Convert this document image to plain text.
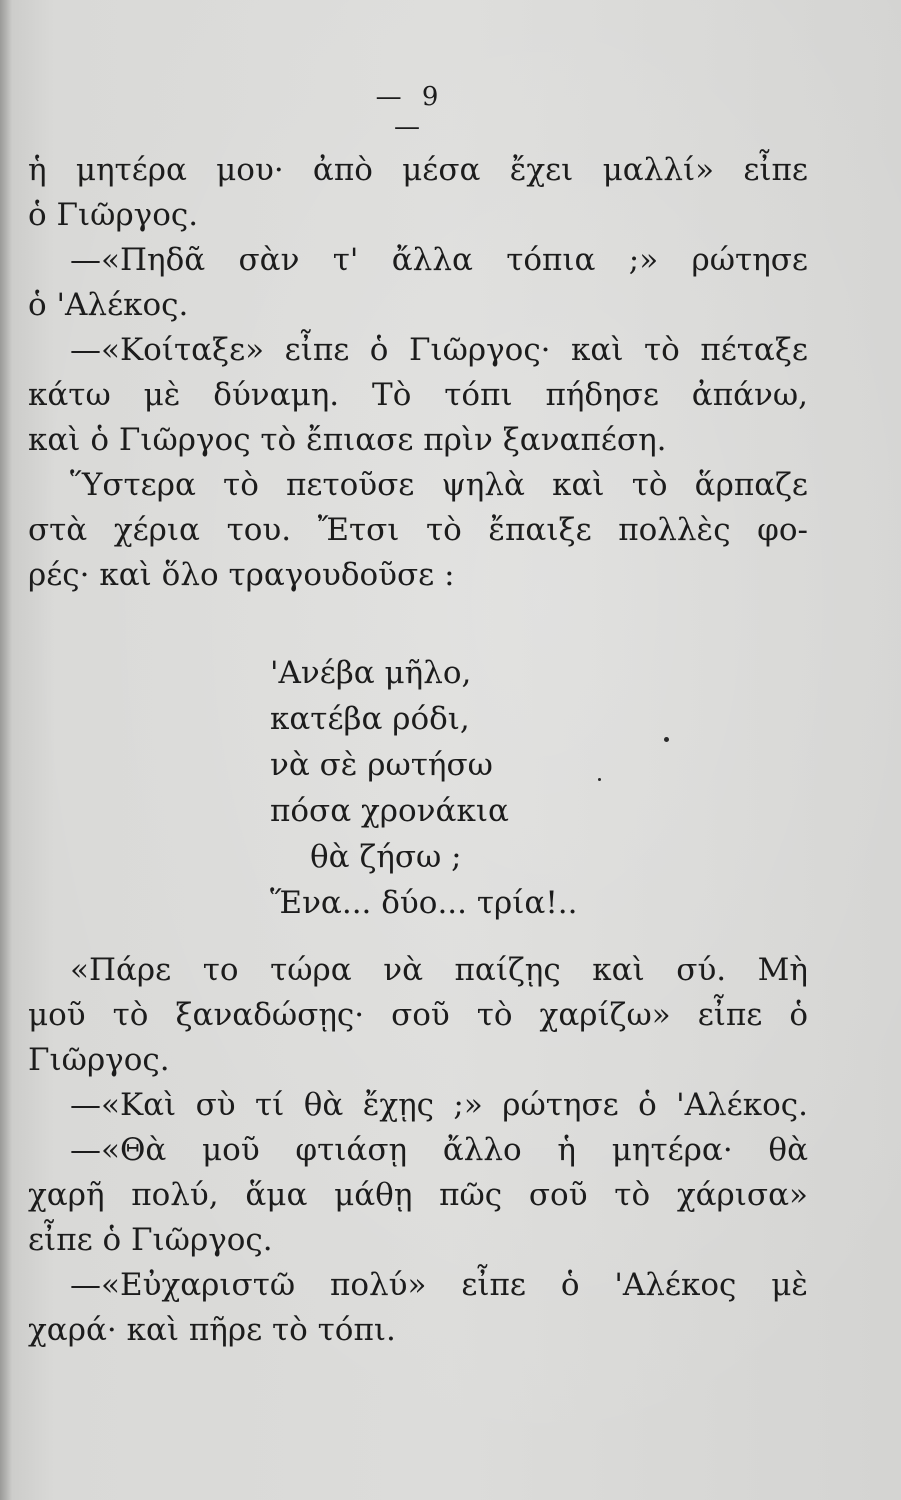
— 9 —
ἡ μητέρα μου· ἀπὸ μέσα ἔχει μαλλί» εἶπε
ὁ Γιῶργος.
—«Πηδᾶ σὰν τ' ἄλλα τόπια ;» ρώτησε
ὁ 'Αλέκος.
—«Κοίταξε» εἶπε ὁ Γιῶργος· καὶ τὸ πέταξε
κάτω μὲ δύναμη. Τὸ τόπι πήδησε ἀπάνω,
καὶ ὁ Γιῶργος τὸ ἔπιασε πρὶν ξαναπέση.
Ὕστερα τὸ πετοῦσε ψηλὰ καὶ τὸ ἅρπαζε
στὰ χέρια του. Ἔτσι τὸ ἔπαιξε πολλὲς φο-
ρές· καὶ ὅλο τραγουδοῦσε :
'Ανέβα μῆλο,
κατέβα ρόδι,
νὰ σὲ ρωτήσω
πόσα χρονάκια
θὰ ζήσω ;
Ἕνα... δύο... τρία!..
«Πάρε το τώρα νὰ παίζῃς καὶ σύ. Μὴ
μοῦ τὸ ξαναδώσῃς· σοῦ τὸ χαρίζω» εἶπε ὁ
Γιῶργος.
—«Καὶ σὺ τί θὰ ἔχῃς ;» ρώτησε ὁ 'Αλέκος.
—«Θὰ μοῦ φτιάσῃ ἄλλο ἡ μητέρα· θὰ
χαρῆ πολύ, ἅμα μάθῃ πῶς σοῦ τὸ χάρισα»
εἶπε ὁ Γιῶργος.
—«Εὐχαριστῶ πολύ» εἶπε ὁ 'Αλέκος μὲ
χαρά· καὶ πῆρε τὸ τόπι.
